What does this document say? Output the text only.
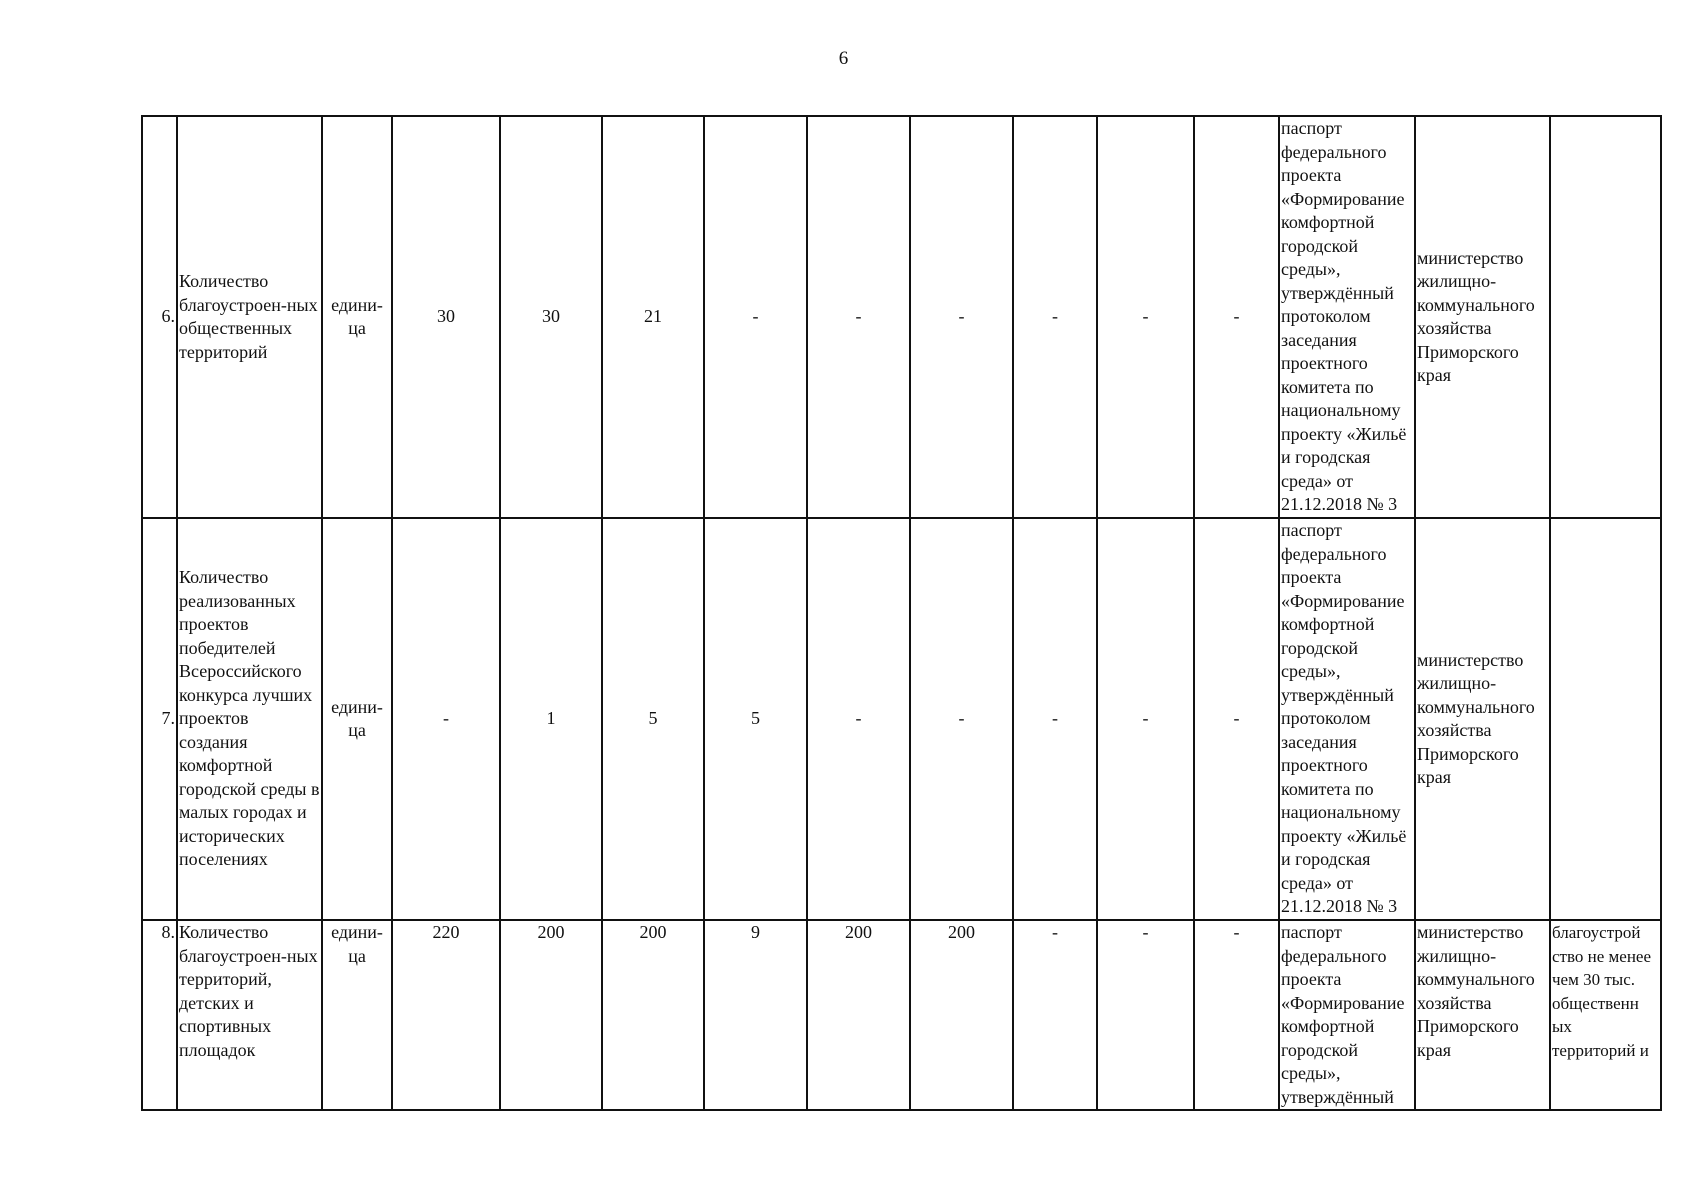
6
6.	Количество благоустроен-ных общественных территорий	едини-ца	30	30	21	-	-	-	-	-	-	паспорт федерального проекта «Формирование комфортной городской среды», утверждённый протоколом заседания проектного комитета по национальному проекту «Жильё и городская среда» от 21.12.2018 № 3	министерство жилищно-коммунального хозяйства Приморского края	
7.	Количество реализованных проектов победителей Всероссийского конкурса лучших проектов создания комфортной городской среды в малых городах и исторических поселениях	едини-ца	-	1	5	5	-	-	-	-	-	паспорт федерального проекта «Формирование комфортной городской среды», утверждённый протоколом заседания проектного комитета по национальному проекту «Жильё и городская среда» от 21.12.2018 № 3	министерство жилищно-коммунального хозяйства Приморского края	
8.	Количество благоустроен-ных территорий, детских и спортивных площадок	едини-ца	220	200	200	9	200	200	-	-	-	паспорт федерального проекта «Формирование комфортной городской среды», утверждённый	министерство жилищно-коммунального хозяйства Приморского края	благоустрой ство не менее чем 30 тыс. общественн ых территорий и
